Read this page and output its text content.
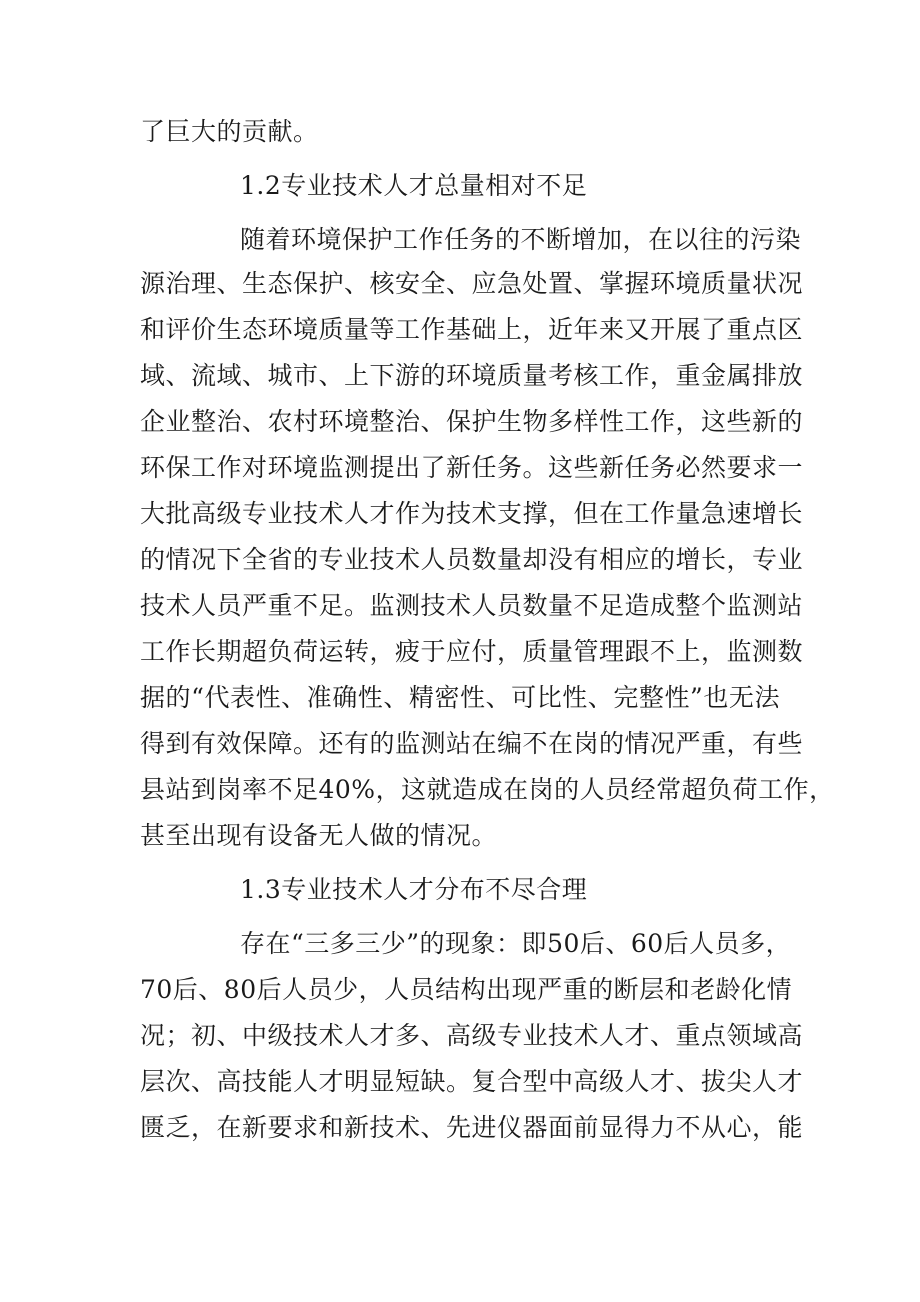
了巨大的贡献。
1.2专业技术人才总量相对不足
随着环境保护工作任务的不断增加，在以往的污染
源治理、生态保护、核安全、应急处置、掌握环境质量状况
和评价生态环境质量等工作基础上，近年来又开展了重点区
域、流域、城市、上下游的环境质量考核工作，重金属排放
企业整治、农村环境整治、保护生物多样性工作，这些新的
环保工作对环境监测提出了新任务。这些新任务必然要求一
大批高级专业技术人才作为技术支撑，但在工作量急速增长
的情况下全省的专业技术人员数量却没有相应的增长，专业
技术人员严重不足。监测技术人员数量不足造成整个监测站
工作长期超负荷运转，疲于应付，质量管理跟不上，监测数
据的“代表性、准确性、精密性、可比性、完整性”也无法
得到有效保障。还有的监测站在编不在岗的情况严重，有些
县站到岗率不足40%，这就造成在岗的人员经常超负荷工作，
甚至出现有设备无人做的情况。
1.3专业技术人才分布不尽合理
存在“三多三少”的现象：即50后、60后人员多，
70后、80后人员少，人员结构出现严重的断层和老龄化情
况；初、中级技术人才多、高级专业技术人才、重点领域高
层次、高技能人才明显短缺。复合型中高级人才、拔尖人才
匮乏，在新要求和新技术、先进仪器面前显得力不从心，能
